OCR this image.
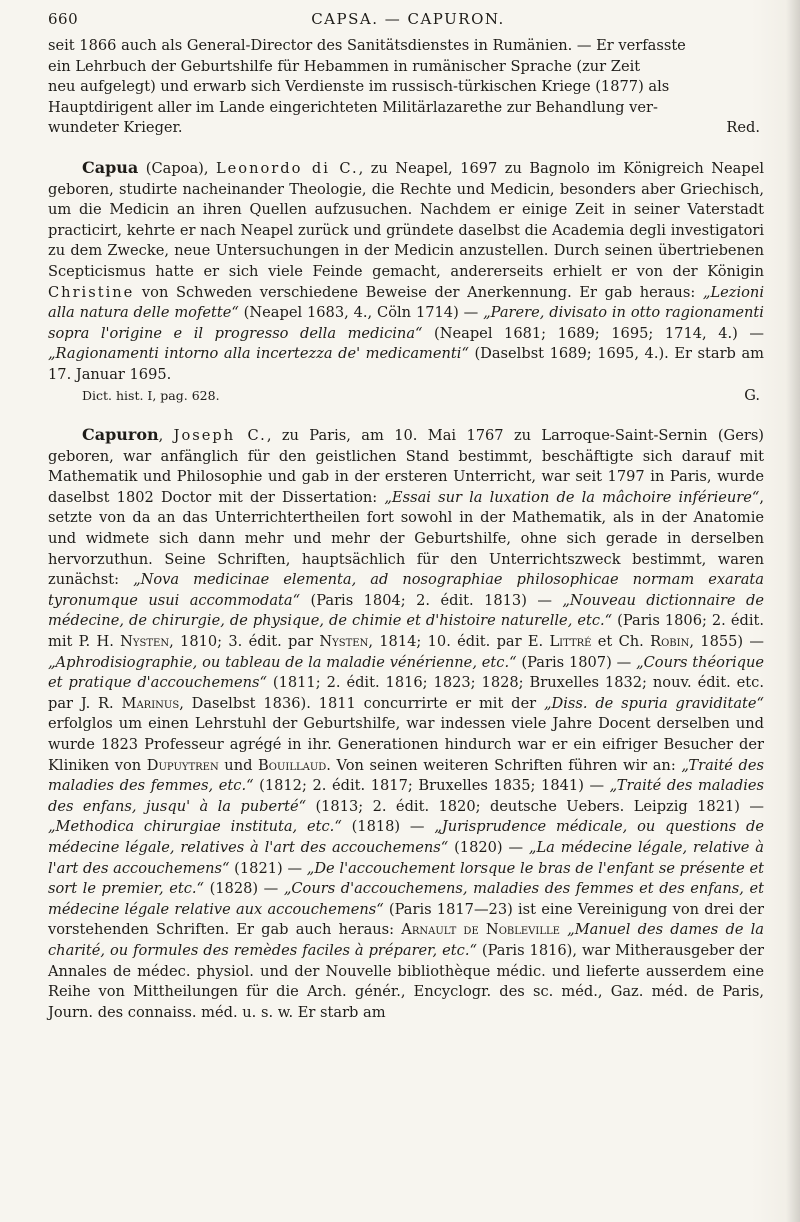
660	CAPSA. — CAPURON.

seit 1866 auch als General-Director des Sanitätsdienstes in Rumänien. — Er verfasste

ein Lehrbuch der Geburtshilfe für Hebammen in rumänischer Sprache (zur Zeit

neu aufgelegt) und erwarb sich Verdienste im russisch-türkischen Kriege (1877) als

Hauptdirigent aller im Lande eingerichteten Militärlazarethe zur Behandlung ver-

wundeter Krieger.	Red.

Capua (Capoa), Leonordo di C., zu Neapel, 1697 zu Bagnolo im Königreich Neapel geboren, studirte nacheinander Theologie, die Rechte und Medicin, besonders aber Griechisch, um die Medicin an ihren Quellen aufzusuchen. Nachdem er einige Zeit in seiner Vaterstadt practicirt, kehrte er nach Neapel zurück und gründete daselbst die Academia degli investigatori zu dem Zwecke, neue Untersuchungen in der Medicin anzustellen. Durch seinen übertriebenen Scepticismus hatte er sich viele Feinde gemacht, andererseits erhielt er von der Königin Christine von Schweden verschiedene Beweise der Anerkennung. Er gab heraus: „Lezioni alla natura delle mofette“ (Neapel 1683, 4., Cöln 1714) — „Parere, divisato in otto ragionamenti sopra l'origine e il progresso della medicina“ (Neapel 1681; 1689; 1695; 1714, 4.) — „Ragionamenti intorno alla incertezza de' medicamenti“ (Daselbst 1689; 1695, 4.). Er starb am 17. Januar 1695.

Dict. hist. I, pag. 628.	G.

Capuron, Joseph C., zu Paris, am 10. Mai 1767 zu Larroque-Saint-Sernin (Gers) geboren, war anfänglich für den geistlichen Stand bestimmt, beschäftigte sich darauf mit Mathematik und Philosophie und gab in der ersteren Unterricht, war seit 1797 in Paris, wurde daselbst 1802 Doctor mit der Dissertation: „Essai sur la luxation de la mâchoire inférieure“, setzte von da an das Unterrichtertheilen fort sowohl in der Mathematik, als in der Anatomie und widmete sich dann mehr und mehr der Geburtshilfe, ohne sich gerade in derselben hervorzuthun. Seine Schriften, hauptsächlich für den Unterrichtszweck bestimmt, waren zunächst: „Nova medicinae elementa, ad nosographiae philosophicae normam exarata tyronumque usui accommodata“ (Paris 1804; 2. édit. 1813) — „Nouveau dictionnaire de médecine, de chirurgie, de physique, de chimie et d'histoire naturelle, etc.“ (Paris 1806; 2. édit. mit P. H. Nysten, 1810; 3. édit. par Nysten, 1814; 10. édit. par E. Littré et Ch. Robin, 1855) — „Aphrodisiographie, ou tableau de la maladie vénérienne, etc.“ (Paris 1807) — „Cours théorique et pratique d'accouchemens“ (1811; 2. édit. 1816; 1823; 1828; Bruxelles 1832; nouv. édit. etc. par J. R. Marinus, Daselbst 1836). 1811 concurrirte er mit der „Diss. de spuria graviditate“ erfolglos um einen Lehrstuhl der Geburtshilfe, war indessen viele Jahre Docent derselben und wurde 1823 Professeur agrégé in ihr. Generationen hindurch war er ein eifriger Besucher der Kliniken von Dupuytren und Bouillaud. Von seinen weiteren Schriften führen wir an: „Traité des maladies des femmes, etc.“ (1812; 2. édit. 1817; Bruxelles 1835; 1841) — „Traité des maladies des enfans, jusqu' à la puberté“ (1813; 2. édit. 1820; deutsche Uebers. Leipzig 1821) — „Methodica chirurgiae instituta, etc.“ (1818) — „Jurisprudence médicale, ou questions de médecine légale, relatives à l'art des accouchemens“ (1820) — „La médecine légale, relative à l'art des accouchemens“ (1821) — „De l'accouchement lorsque le bras de l'enfant se présente et sort le premier, etc.“ (1828) — „Cours d'accouchemens, maladies des femmes et des enfans, et médecine légale relative aux accouchemens“ (Paris 1817—23) ist eine Vereinigung von drei der vorstehenden Schriften. Er gab auch heraus: Arnault de Nobleville „Manuel des dames de la charité, ou formules des remèdes faciles à préparer, etc.“ (Paris 1816), war Mitherausgeber der Annales de médec. physiol. und der Nouvelle bibliothèque médic. und lieferte ausserdem eine Reihe von Mittheilungen für die Arch. génér., Encyclogr. des sc. méd., Gaz. méd. de Paris, Journ. des connaiss. méd. u. s. w. Er starb am
